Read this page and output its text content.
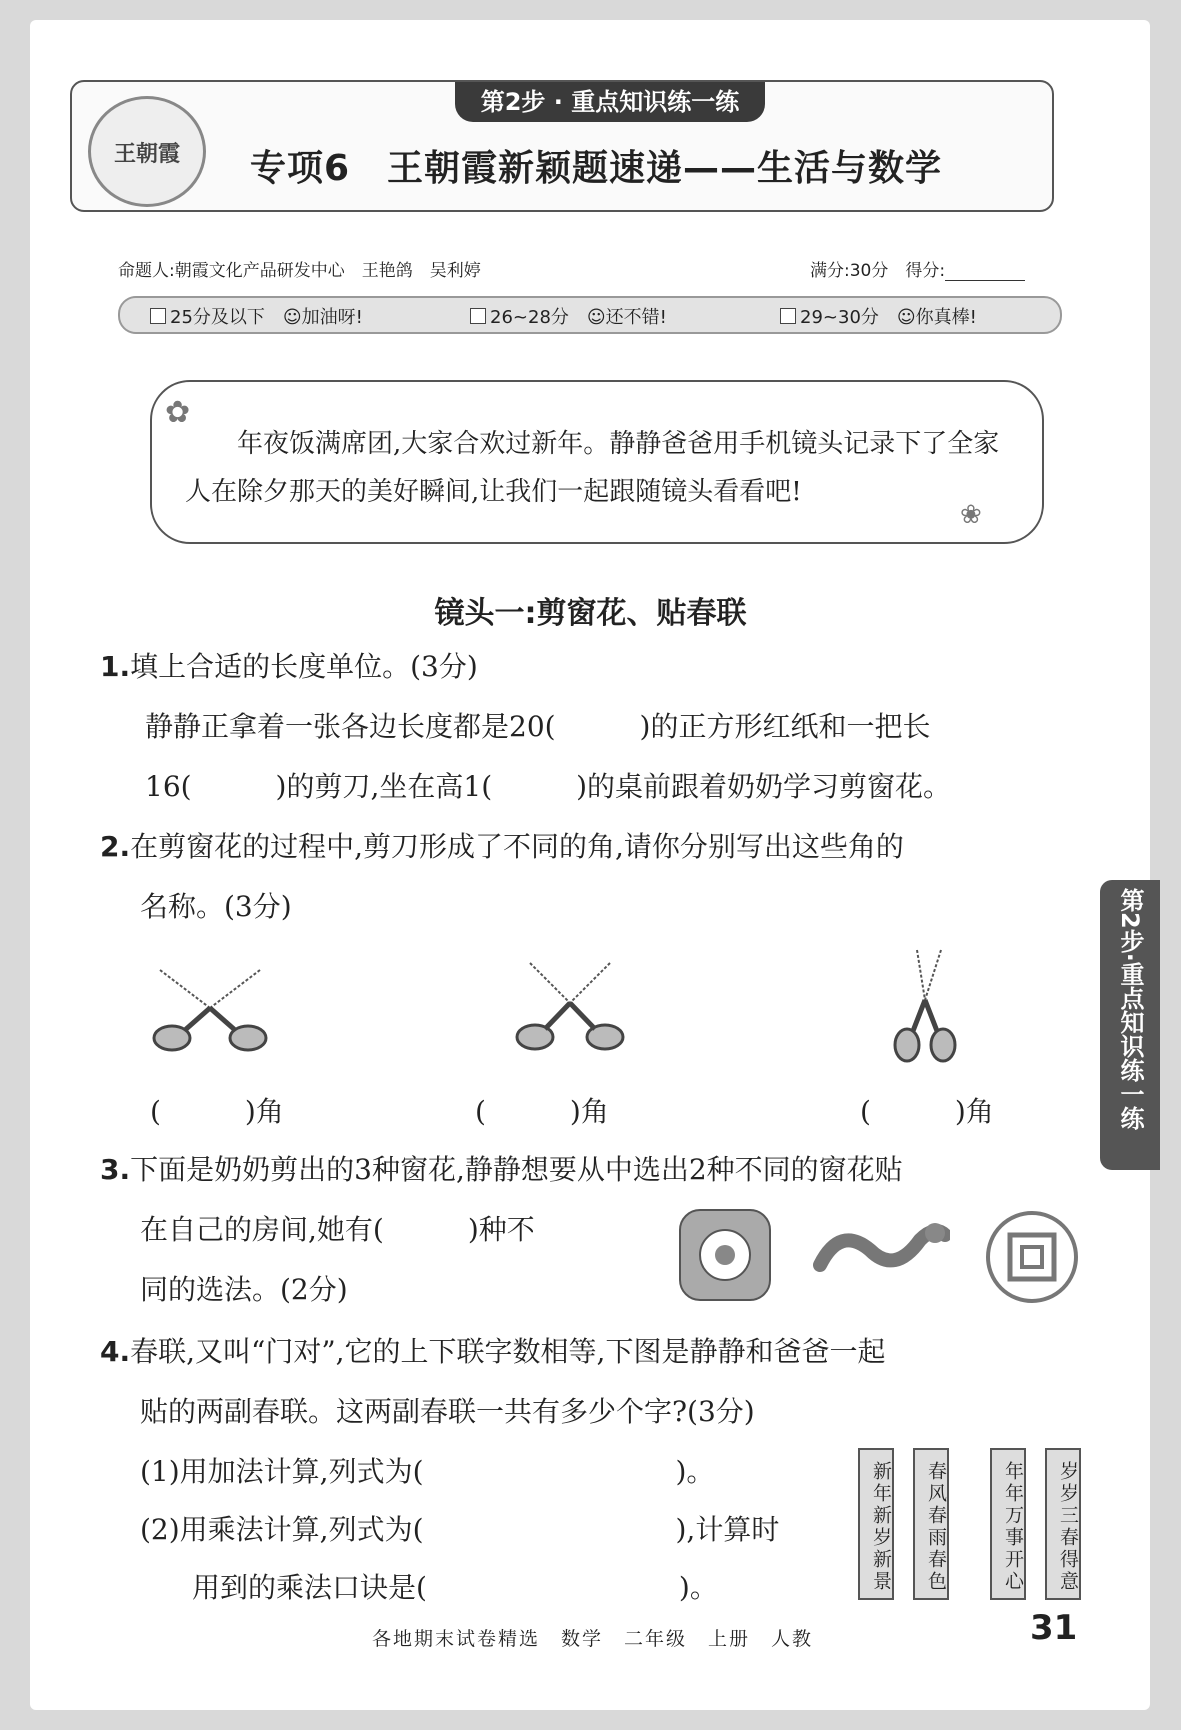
第2步 · 重点知识练一练
王朝霞	专项6　王朝霞新颖题速递——生活与数学
命题人:朝霞文化产品研发中心　王艳鸽　吴利婷	满分:30分　得分:
25分及以下　 ☺加油呀!	26~28分　 ☺还不错!	29~30分　 ☺你真棒!
✿
❀
年夜饭满席团,大家合欢过新年。静静爸爸用手机镜头记录下了全家人在除夕那天的美好瞬间,让我们一起跟随镜头看看吧!
镜头一:剪窗花、贴春联
1.填上合适的长度单位。(3分)
静静正拿着一张各边长度都是20(　　　)的正方形红纸和一把长
16(　　　)的剪刀,坐在高1(　　　)的桌前跟着奶奶学习剪窗花。
2.在剪窗花的过程中,剪刀形成了不同的角,请你分别写出这些角的
名称。(3分)
(　　　)角	(　　　)角	(　　　)角
3.下面是奶奶剪出的3种窗花,静静想要从中选出2种不同的窗花贴
在自己的房间,她有(　　　)种不
同的选法。(2分)
4.春联,又叫“门对”,它的上下联字数相等,下图是静静和爸爸一起
贴的两副春联。这两副春联一共有多少个字?(3分)
(1)用加法计算,列式为(　　　　　　　　　)。
(2)用乘法计算,列式为(　　　　　　　　　),计算时
用到的乘法口诀是(　　　　　　　　　)。	新年新岁新景	春风春雨春色	年年万事开心	岁岁三春得意
第2步·重点知识练一练
各地期末试卷精选　数学　二年级　上册　人教	31
